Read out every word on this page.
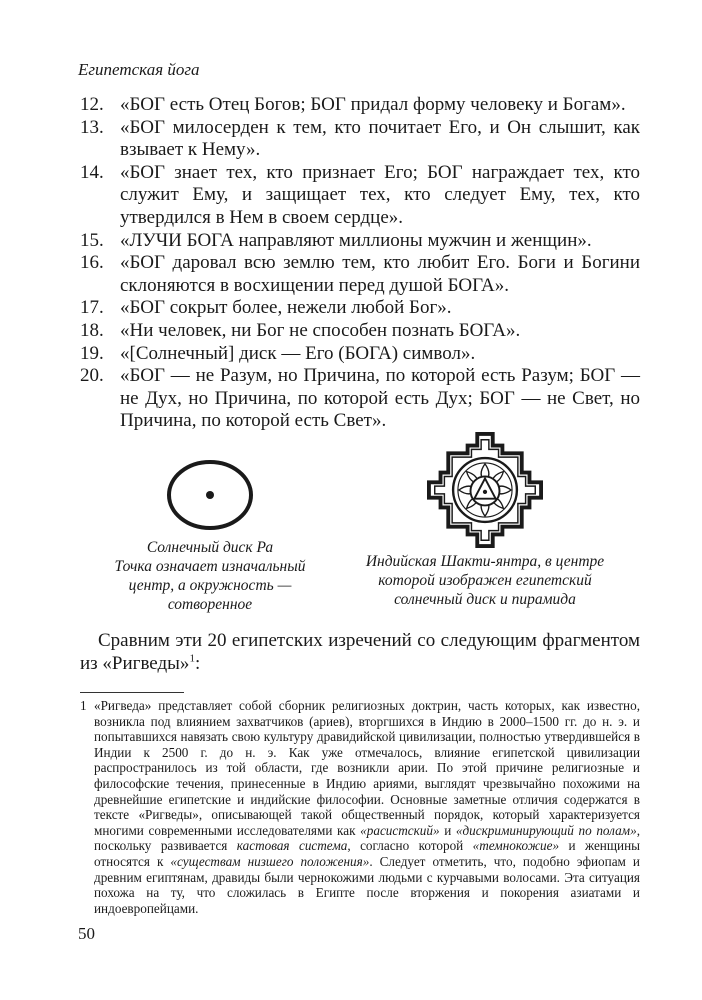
Египетская йога
12. «БОГ есть Отец Богов; БОГ придал форму человеку и Богам».
13. «БОГ милосерден к тем, кто почитает Его, и Он слышит, как взывает к Нему».
14. «БОГ знает тех, кто признает Его; БОГ награждает тех, кто служит Ему, и защищает тех, кто следует Ему, тех, кто утвердился в Нем в своем сердце».
15. «ЛУЧИ БОГА направляют миллионы мужчин и женщин».
16. «БОГ даровал всю землю тем, кто любит Его. Боги и Богини склоняются в восхищении перед душой БОГА».
17. «БОГ сокрыт более, нежели любой Бог».
18. «Ни человек, ни Бог не способен познать БОГА».
19. «[Солнечный] диск — Его (БОГА) символ».
20. «БОГ — не Разум, но Причина, по которой есть Разум; БОГ — не Дух, но Причина, по которой есть Дух; БОГ — не Свет, но Причина, по которой есть Свет».
Солнечный диск Ра
Точка означает изначальный
центр, а окружность —
сотворенное
Индийская Шакти-янтра, в центре
которой изображен египетский
солнечный диск и пирамида

Сравним эти 20 египетских изречений со следующим фрагментом из «Ригведы»$^1$:

1 «Ригведа» представляет собой сборник религиозных доктрин, часть которых, как известно, возникла под влиянием захватчиков (ариев), вторгшихся в Индию в 2000–1500 гг. до н. э. и попытавшихся навязать свою культуру дравидийской цивилизации, полностью утвердившейся в Индии к 2500 г. до н. э. Как уже отмечалось, влияние египетской цивилизации распространилось из той области, где возникли арии. По этой причине религиозные и философские течения, принесенные в Индию ариями, выглядят чрезвычайно похожими на древнейшие египетские и индийские философии. Основные заметные отличия содержатся в тексте «Ригведы», описывающей такой общественный порядок, который характеризуется многими современными исследователями как «расистский» и «дискриминирующий по полам», поскольку развивается кастовая система, согласно которой «темнокожие» и женщины относятся к «существам низшего положения». Следует отметить, что, подобно эфиопам и древним египтянам, дравиды были чернокожими людьми с курчавыми волосами. Эта ситуация похожа на ту, что сложилась в Египте после вторжения и покорения азиатами и индоевропейцами.
50
